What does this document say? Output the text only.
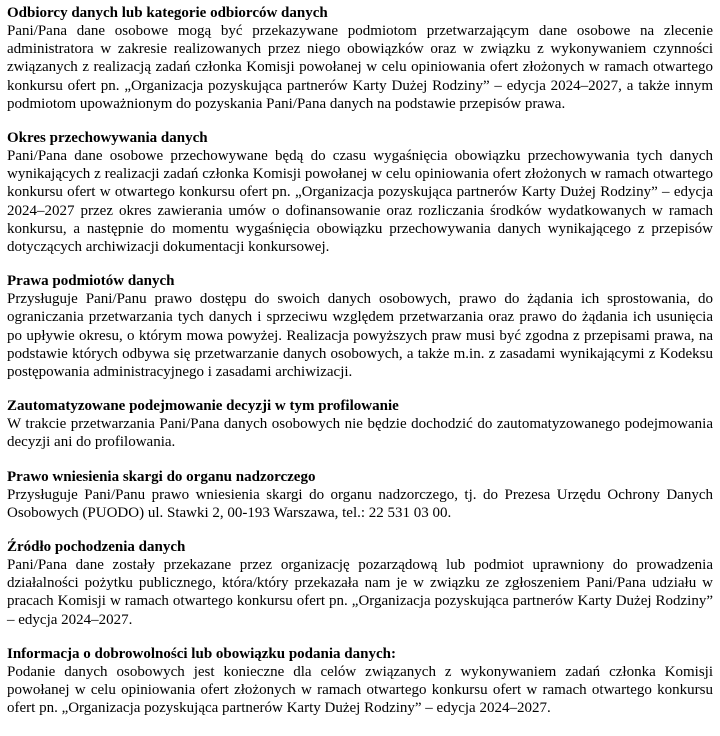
Odbiorcy danych lub kategorie odbiorców danych

Pani/Pana dane osobowe mogą być przekazywane podmiotom przetwarzającym dane osobowe na zlecenie administratora w zakresie realizowanych przez niego obowiązków oraz w związku z wykonywaniem czynności związanych z realizacją zadań członka Komisji powołanej w celu opiniowania ofert złożonych w ramach otwartego konkursu ofert pn. „Organizacja pozyskująca partnerów Karty Dużej Rodziny” – edycja 2024–2027, a także innym podmiotom upoważnionym do pozyskania Pani/Pana danych na podstawie przepisów prawa.

Okres przechowywania danych

Pani/Pana dane osobowe przechowywane będą do czasu wygaśnięcia obowiązku przechowywania tych danych wynikających z realizacji zadań członka Komisji powołanej w celu opiniowania ofert złożonych w ramach otwartego konkursu ofert w otwartego konkursu ofert pn. „Organizacja pozyskująca partnerów Karty Dużej Rodziny” – edycja 2024–2027 przez okres zawierania umów o dofinansowanie oraz rozliczania środków wydatkowanych w ramach konkursu, a następnie do momentu wygaśnięcia obowiązku przechowywania danych wynikającego z przepisów dotyczących archiwizacji dokumentacji konkursowej.

Prawa podmiotów danych

Przysługuje Pani/Panu prawo dostępu do swoich danych osobowych, prawo do żądania ich sprostowania, do ograniczania przetwarzania tych danych i sprzeciwu względem przetwarzania oraz prawo do żądania ich usunięcia po upływie okresu, o którym mowa powyżej. Realizacja powyższych praw musi być zgodna z przepisami prawa, na podstawie których odbywa się przetwarzanie danych osobowych, a także m.in. z zasadami wynikającymi z Kodeksu postępowania administracyjnego i zasadami archiwizacji.

Zautomatyzowane podejmowanie decyzji w tym profilowanie

W trakcie przetwarzania Pani/Pana danych osobowych nie będzie dochodzić do zautomatyzowanego podejmowania decyzji ani do profilowania.

Prawo wniesienia skargi do organu nadzorczego

Przysługuje Pani/Panu prawo wniesienia skargi do organu nadzorczego, tj. do Prezesa Urzędu Ochrony Danych Osobowych (PUODO) ul. Stawki 2, 00-193 Warszawa, tel.: 22 531 03 00.

Źródło pochodzenia danych

Pani/Pana dane zostały przekazane przez organizację pozarządową lub podmiot uprawniony do prowadzenia działalności pożytku publicznego, która/który przekazała nam je w związku ze zgłoszeniem Pani/Pana udziału w pracach Komisji w ramach otwartego konkursu ofert pn. „Organizacja pozyskująca partnerów Karty Dużej Rodziny” – edycja 2024–2027.

Informacja o dobrowolności lub obowiązku podania danych:

Podanie danych osobowych jest konieczne dla celów związanych z wykonywaniem zadań członka Komisji powołanej w celu opiniowania ofert złożonych w ramach otwartego konkursu ofert w ramach otwartego konkursu ofert pn. „Organizacja pozyskująca partnerów Karty Dużej Rodziny” – edycja 2024–2027.
